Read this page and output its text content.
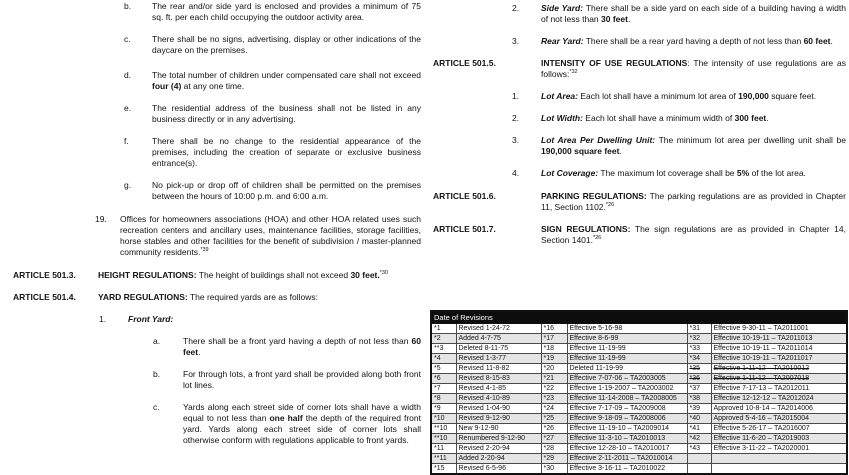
b.	The rear and/or side yard is enclosed and provides a minimum of 75 sq. ft. per each child occupying the outdoor activity area.
c.	There shall be no signs, advertising, display or other indications of the daycare on the premises.
d.	The total number of children under compensated care shall not exceed four (4) at any one time.
e.	The residential address of the business shall not be listed in any business directly or in any advertising.
f.	There shall be no change to the residential appearance of the premises, including the creation of separate or exclusive business entrance(s).
g.	No pick-up or drop off of children shall be permitted on the premises between the hours of 10:00 p.m. and 6:00 a.m.
19.	Offices for homeowners associations (HOA) and other HOA related uses such recreation centers and ancillary uses, maintenance facilities, storage facilities, horse stables and other facilities for the benefit of subdivision / master-planned community residents.$^{*39}$
ARTICLE 501.3.	HEIGHT REGULATIONS: The height of buildings shall not exceed 30 feet.$^{*30}$
ARTICLE 501.4.	YARD REGULATIONS: The required yards are as follows:
1.	Front Yard:
a.	There shall be a front yard having a depth of not less than 60 feet.
b.	For through lots, a front yard shall be provided along both front lot lines.
c.	Yards along each street side of corner lots shall have a width equal to not less than one half the depth of the required front yard. Yards along each street side of corner lots shall otherwise conform with regulations applicable to front yards.
2.	Side Yard: There shall be a side yard on each side of a building having a width of not less than 30 feet.
3.	Rear Yard: There shall be a rear yard having a depth of not less than 60 feet.
ARTICLE 501.5.	INTENSITY OF USE REGULATIONS: The intensity of use regulations are as follows:$^{*32}$
1.	Lot Area: Each lot shall have a minimum lot area of 190,000 square feet.
2.	Lot Width: Each lot shall have a minimum width of 300 feet.
3.	Lot Area Per Dwelling Unit: The minimum lot area per dwelling unit shall be 190,000 square feet.
4.	Lot Coverage: The maximum lot coverage shall be 5% of the lot area.
ARTICLE 501.6.	PARKING REGULATIONS: The parking regulations are as provided in Chapter 11, Section 1102.$^{*26}$
ARTICLE 501.7.	SIGN REGULATIONS: The sign regulations are as provided in Chapter 14, Section 1401.$^{*26}$
Date of Revisions					
*1	Revised 1-24-72	*16	Effective 5-16-98	*31	Effective 9-30-11 – TA2011001
*2	Added 4-7-75	*17	Effective 8-6-99	*32	Effective 10-19-11 – TA2011013
**3	Deleted 8-11-75	*18	Effective 11-19-99	*33	Effective 10-19-11 – TA2011014
*4	Revised 1-3-77	*19	Effective 11-19-99	*34	Effective 10-19-11 – TA2011017
*5	Revised 11-8-82	*20	Deleted 11-19-99	*35	Effective 1-11-12 – TA2010012
*6	Revised 8-15-83	*21	Effective 7-07-06 – TA2003005	*36	Effective 1-11-12 – TA2007018
*7	Revised 4-1-85	*22	Effective 1-19-2007 – TA2003002	*37	Effective 7-17-13 – TA2012011
*8	Revised 4-10-89	*23	Effective 11-14-2008 – TA2008005	*38	Effective 12-12-12 – TA2012024
*9	Revised 1-04-90	*24	Effective 7-17-09 – TA2009008	*39	Approved 10-8-14 – TA2014006
*10	Revised 9-12-90	*25	Effective 9-18-09 – TA2008006	*40	Approved 5-4-16 – TA2015004
**10	New 9-12-90	*26	Effective 11-19-10 – TA2009014	*41	Effective 5-26-17 – TA2016007
**10	Renumbered 9-12-90	*27	Effective 11-3-10 – TA2010013	*42	Effective 11-6-20 – TA2019003
*11	Revised 2-20-94	*28	Effective 12-28-10 – TA2010017	*43	Effective 3-11-22 – TA2020001
**11	Added 2-20-94	*29	Effective 2-11-2011 – TA2010014		
*15	Revised 6-5-96	*30	Effective 3-16-11 – TA2010022		
